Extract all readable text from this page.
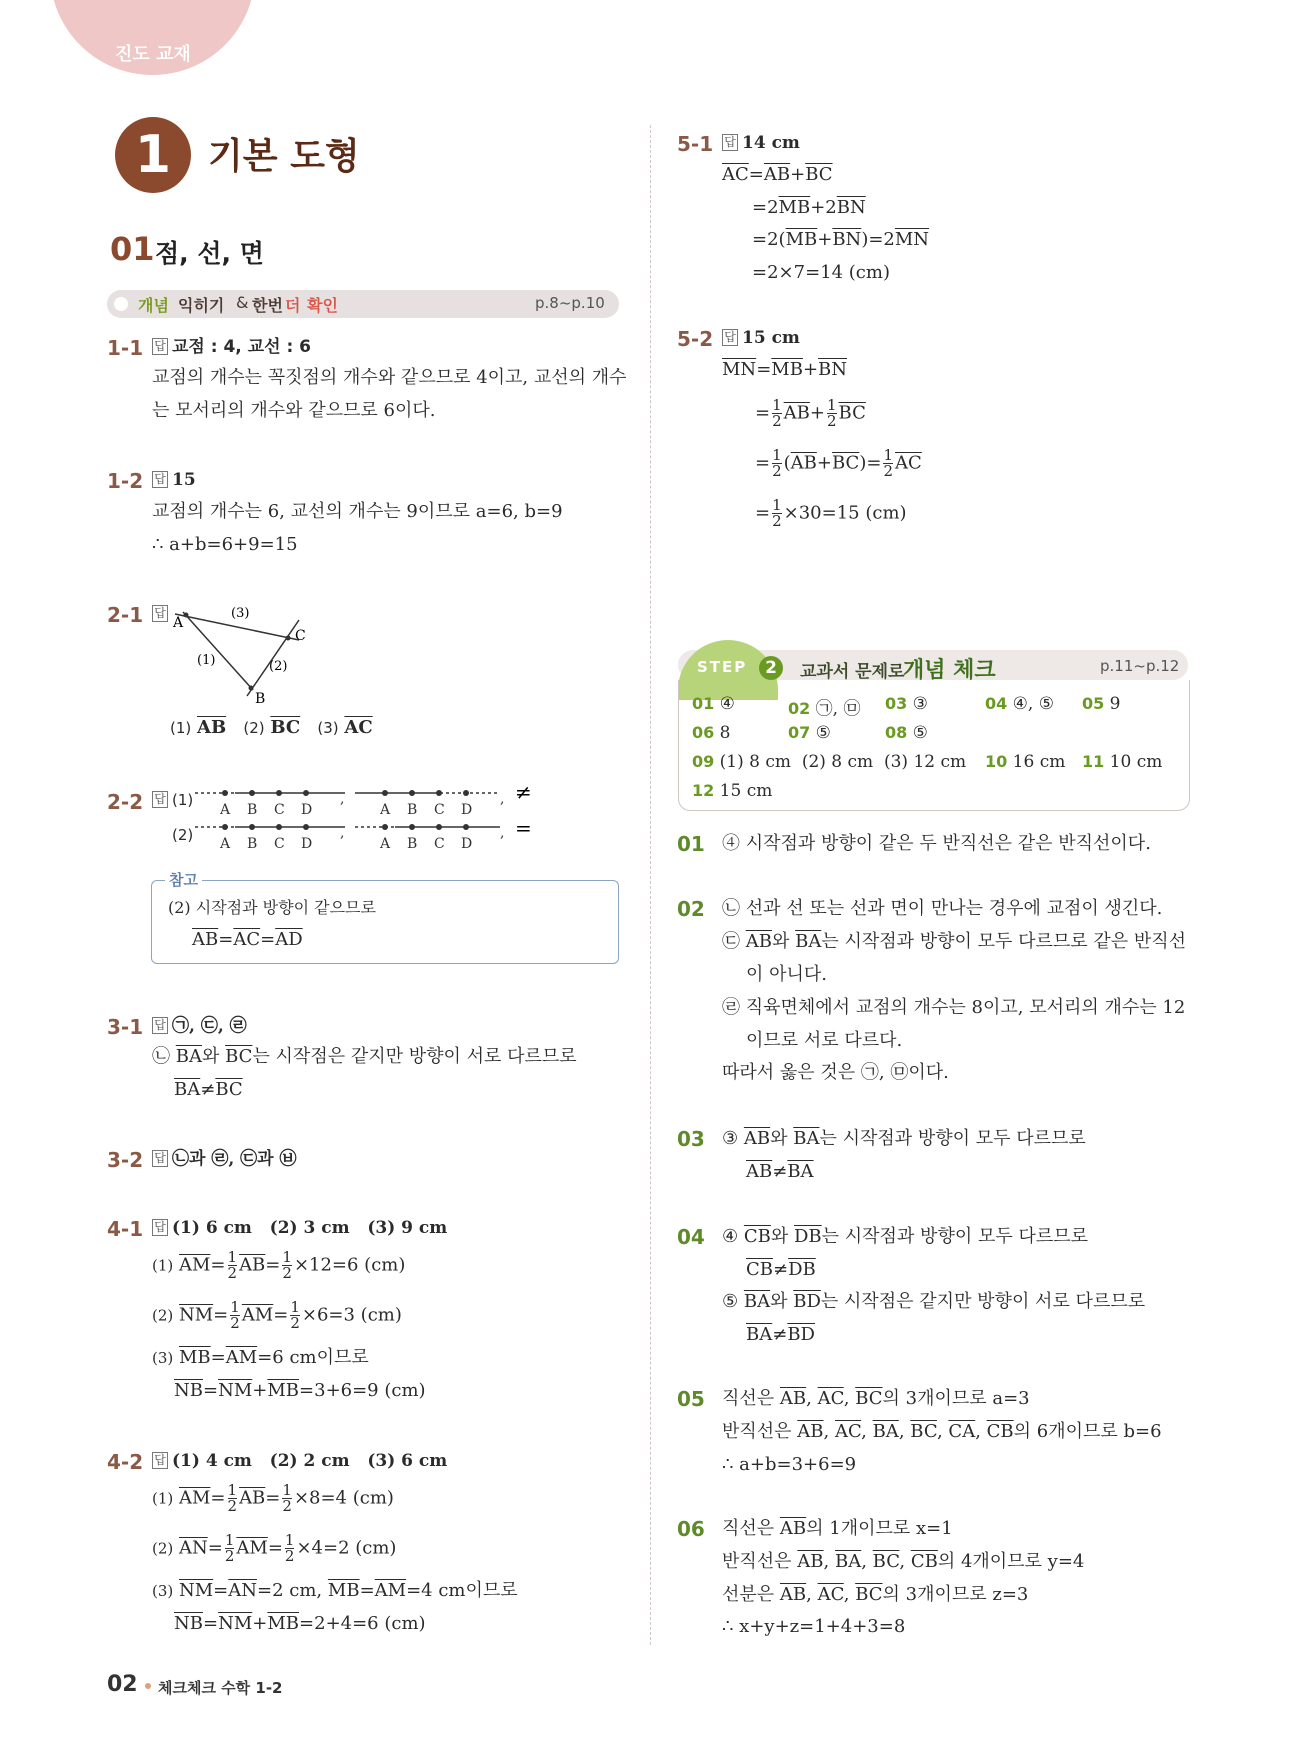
진도 교재
1	기본 도형
01 점, 선, 면
개념 익히기 & 한번 더 확인	p.8~p.10
1-1 답 교점 : 4, 교선 : 6
교점의 개수는 꼭짓점의 개수와 같으므로 4이고, 교선의 개수
는 모서리의 개수와 같으므로 6이다.
1-2 답 15
교점의 개수는 6, 교선의 개수는 9이므로 a=6, b=9
∴ a+b=6+9=15
2-1 답
A
C
B
(1)	(2)
(3)
(1) $\overline{AB}$ (2) $\overline{BC}$ (3) $\overline{AC}$
2-2 답 (1)
(2)
A B C D	A B C D
A B C D	A B C D
,	,
,	,
≠
=
참고
(2) 시작점과 방향이 같으므로
$\overline{AB}=\overline{AC}=\overline{AD}$
3-1 답 ㉠, ㉢, ㉣
㉡ $\overline{BA}$와 $\overline{BC}$는 시작점은 같지만 방향이 서로 다르므로
$\overline{BA}\ne\overline{BC}$
3-2 답 ㉡과 ㉣, ㉢과 ㉥
4-1 답 (1) 6 cm   (2) 3 cm   (3) 9 cm
(1) $\overline{AM}= \frac{1}{2} \overline{AB}= \frac{1}{2} \times 12=6$ (cm)
(2) $\overline{NM}= \frac{1}{2} \overline{AM}= \frac{1}{2} \times 6=3$ (cm)
(3) $\overline{MB}=\overline{AM}=6$ cm이므로
$\overline{NB}=\overline{NM}+\overline{MB}=3+6=9$ (cm)
4-2 답 (1) 4 cm   (2) 2 cm   (3) 6 cm
(1) $\overline{AM}= \frac{1}{2} \overline{AB}= \frac{1}{2} \times 8=4$ (cm)
(2) $\overline{AN}= \frac{1}{2} \overline{AM}= \frac{1}{2} \times 4=2$ (cm)
(3) $\overline{NM}=\overline{AN}=2$ cm, $\overline{MB}=\overline{AM}=4$ cm이므로
$\overline{NB}=\overline{NM}+\overline{MB}=2+4=6$ (cm)
5-1 답 14 cm
$\overline{AC}=\overline{AB}+\overline{BC}$
$=2\overline{MB}+2\overline{BN}$
$=2(\overline{MB}+\overline{BN})=2\overline{MN}$
=2×7=14 (cm)
5-2 답 15 cm
$\overline{MN}=\overline{MB}+\overline{BN}$
= $\frac{1}{2} \overline{AB}+ \frac{1}{2} \overline{BC}$
= $\frac{1}{2} (\overline{AB}+\overline{BC})= \frac{1}{2} \overline{AC}$
= $\frac{1}{2} \times 30=15$ (cm)
STEP	2	교과서 문제로
개념 체크	p.11~p.12
01 ④	02 ㉠, ㉤ 03 ③	04 ④, ⑤ 05 9
06 8	07 ⑤	08 ⑤
09 (1) 8 cm  (2) 8 cm  (3) 12 cm 10 16 cm 11 10 cm
12 15 cm
01 ④ 시작점과 방향이 같은 두 반직선은 같은 반직선이다.
02 ㉡ 선과 선 또는 선과 면이 만나는 경우에 교점이 생긴다.
㉢ $\overline{AB}$와 $\overline{BA}$는 시작점과 방향이 모두 다르므로 같은 반직선
이 아니다.
㉣ 직육면체에서 교점의 개수는 8이고, 모서리의 개수는 12
이므로 서로 다르다.
따라서 옳은 것은 ㉠, ㉤이다.
03 ③ $\overline{AB}$와 $\overline{BA}$는 시작점과 방향이 모두 다르므로
$\overline{AB}\ne\overline{BA}$
04 ④ $\overline{CB}$와 $\overline{DB}$는 시작점과 방향이 모두 다르므로
$\overline{CB}\ne\overline{DB}$
⑤ $\overline{BA}$와 $\overline{BD}$는 시작점은 같지만 방향이 서로 다르므로
$\overline{BA}\ne\overline{BD}$
05 직선은 $\overline{AB}$, $\overline{AC}$, $\overline{BC}$의 3개이므로 a=3
반직선은 $\overline{AB}$, $\overline{AC}$, $\overline{BA}$, $\overline{BC}$, $\overline{CA}$, $\overline{CB}$의 6개이므로 b=6
∴ a+b=3+6=9
06 직선은 $\overline{AB}$의 1개이므로 x=1
반직선은 $\overline{AB}$, $\overline{BA}$, $\overline{BC}$, $\overline{CB}$의 4개이므로 y=4
선분은 $\overline{AB}$, $\overline{AC}$, $\overline{BC}$의 3개이므로 z=3
∴ x+y+z=1+4+3=8
02 체크체크 수학 1-2
